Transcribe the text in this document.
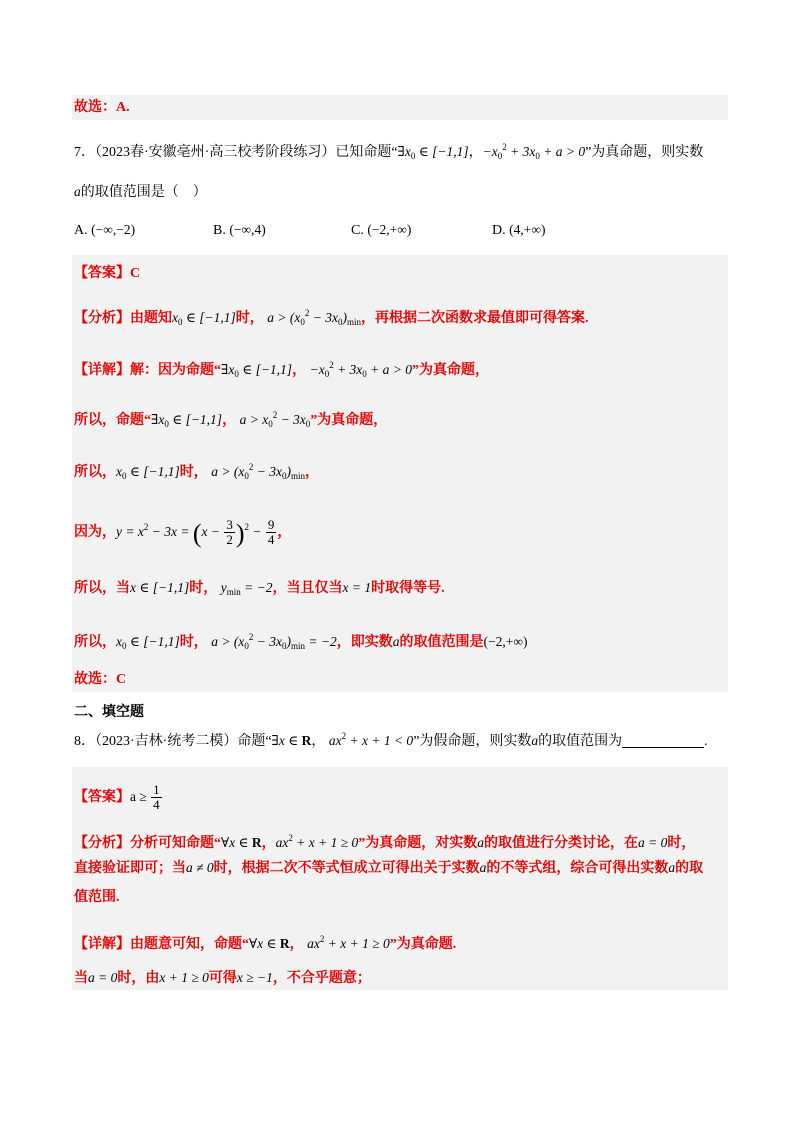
故选：A.
7．（2023春·安徽亳州·高三校考阶段练习）已知命题“$\exists x_0$ ∈ [−1,1]，$-x_0^2 + 3x_0 + a > 0$”为真命题，则实数
a的取值范围是（　）
A. (−∞,−2)	B. (−∞,4)	C. (−2,+∞)	D. (4,+∞)
【答案】C
【分析】由题知$x_0$ ∈ [−1,1]时， $a > (x_0^2 - 3x_0)_{min}$，再根据二次函数求最值即可得答案.
【详解】解：因为命题“$\exists x_0$ ∈ [−1,1]， $-x_0^2 + 3x_0 + a > 0$”为真命题，
所以，命题“$\exists x_0$ ∈ [−1,1]， $a > x_0^2 - 3x_0$”为真命题，
所以，$x_0$ ∈ [−1,1]时， $a > (x_0^2 - 3x_0)_{min}$，
因为，$y = x^2 - 3x = (x - \frac{3}{2} )^2 - \frac{9}{4}$ ，
所以，当x ∈ [−1,1]时， $y_{min} = -2$，当且仅当x = 1时取得等号.
所以，$x_0$ ∈ [−1,1]时， $a > (x_0^2 - 3x_0)_{min} = -2$，即实数a的取值范围是(−2,+∞)
故选：C
二、填空题
8．（2023·吉林·统考二模）命题“∃x ∈ R， $ax^2 + x + 1 < 0$”为假命题，则实数a的取值范围为	.
【答案】$a \ge \frac{1}{4}$
【分析】分析可知命题“∀x ∈ R，$ax^2 + x + 1 \ge 0$”为真命题，对实数a的取值进行分类讨论，在a = 0时，
直接验证即可；当a ≠ 0时，根据二次不等式恒成立可得出关于实数a的不等式组，综合可得出实数a的取
值范围.
【详解】由题意可知，命题“∀x ∈ R， $ax^2 + x + 1 \ge 0$”为真命题.
当a = 0时，由x + 1 ≥ 0可得x ≥ −1，不合乎题意；
